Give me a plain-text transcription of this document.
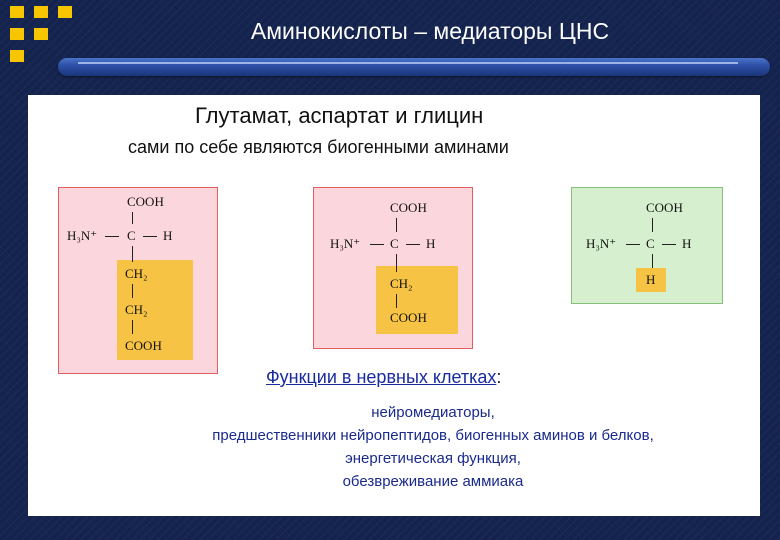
Аминокислоты – медиаторы ЦНС
Глутамат, аспартат и глицин
сами по себе являются биогенными аминами
COOH
H₃N⁺ C H
CH₂
CH₂
COOH
COOH
H₃N⁺ C H
CH₂
COOH
COOH
H₃N⁺ C H
H
Функции в нервных клетках:
нейромедиаторы,
предшественники нейропептидов, биогенных аминов и белков,
энергетическая функция,
обезвреживание аммиака
